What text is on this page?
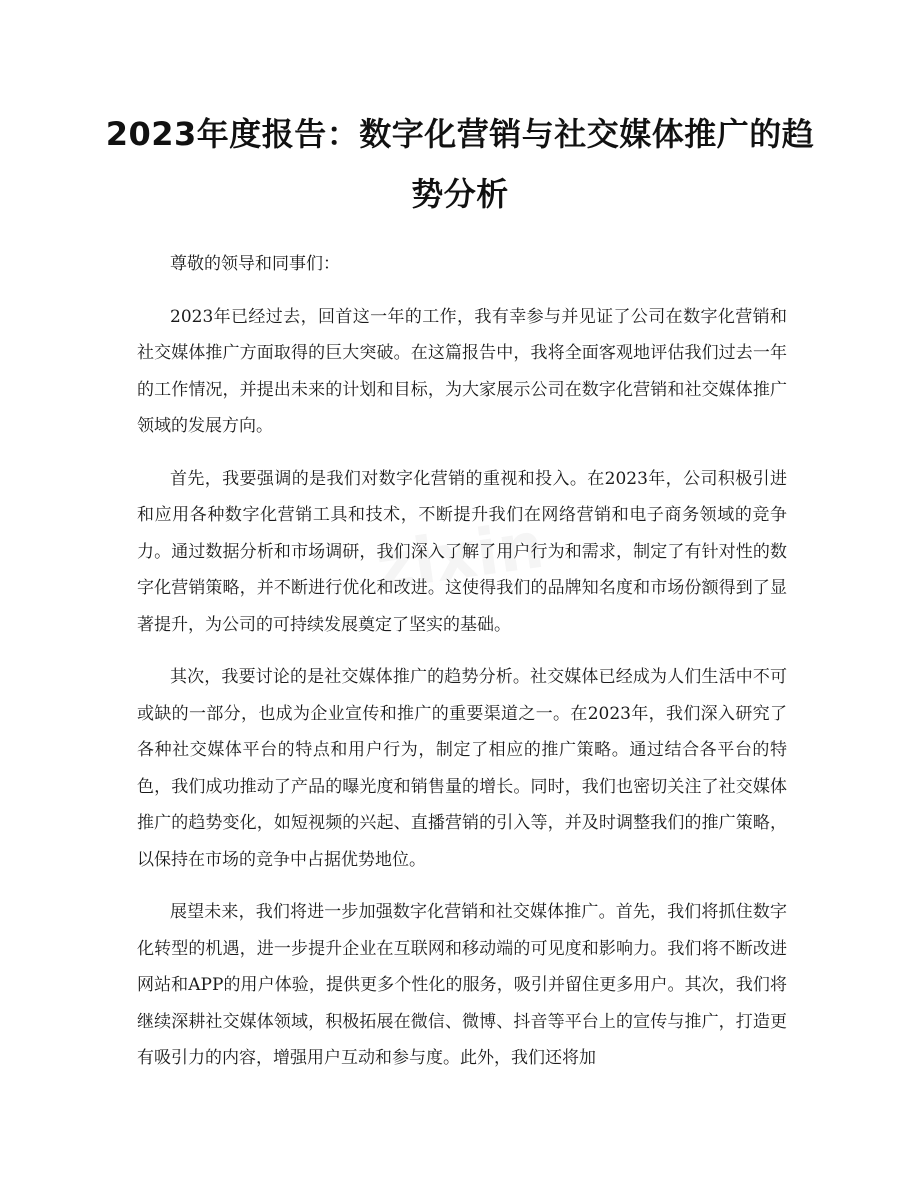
2023年度报告：数字化营销与社交媒体推广的趋势分析
zixin

尊敬的领导和同事们：

2023年已经过去，回首这一年的工作，我有幸参与并见证了公司在数字化营销和社交媒体推广方面取得的巨大突破。在这篇报告中，我将全面客观地评估我们过去一年的工作情况，并提出未来的计划和目标，为大家展示公司在数字化营销和社交媒体推广领域的发展方向。

首先，我要强调的是我们对数字化营销的重视和投入。在2023年，公司积极引进和应用各种数字化营销工具和技术，不断提升我们在网络营销和电子商务领域的竞争力。通过数据分析和市场调研，我们深入了解了用户行为和需求，制定了有针对性的数字化营销策略，并不断进行优化和改进。这使得我们的品牌知名度和市场份额得到了显著提升，为公司的可持续发展奠定了坚实的基础。

其次，我要讨论的是社交媒体推广的趋势分析。社交媒体已经成为人们生活中不可或缺的一部分，也成为企业宣传和推广的重要渠道之一。在2023年，我们深入研究了各种社交媒体平台的特点和用户行为，制定了相应的推广策略。通过结合各平台的特色，我们成功推动了产品的曝光度和销售量的增长。同时，我们也密切关注了社交媒体推广的趋势变化，如短视频的兴起、直播营销的引入等，并及时调整我们的推广策略，以保持在市场的竞争中占据优势地位。

展望未来，我们将进一步加强数字化营销和社交媒体推广。首先，我们将抓住数字化转型的机遇，进一步提升企业在互联网和移动端的可见度和影响力。我们将不断改进网站和APP的用户体验，提供更多个性化的服务，吸引并留住更多用户。其次，我们将继续深耕社交媒体领域，积极拓展在微信、微博、抖音等平台上的宣传与推广，打造更有吸引力的内容，增强用户互动和参与度。此外，我们还将加
